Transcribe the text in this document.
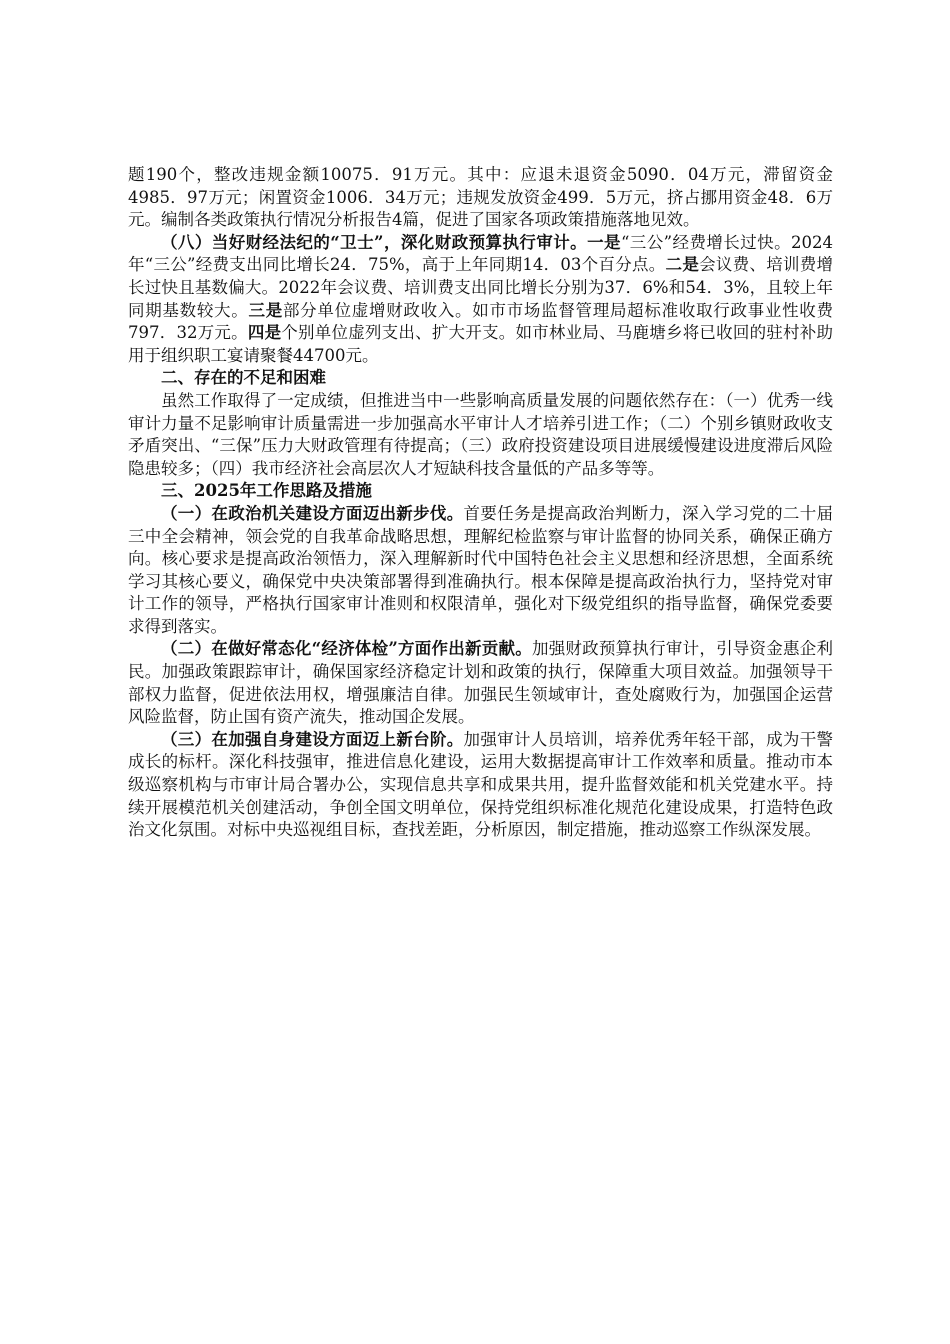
题190个，整改违规金额10075．91万元。其中：应退未退资金5090．04万元，滞留资金4985．97万元；闲置资金1006．34万元；违规发放资金499．5万元，挤占挪用资金48．6万元。编制各类政策执行情况分析报告4篇，促进了国家各项政策措施落地见效。

（八）当好财经法纪的“卫士”，深化财政预算执行审计。一是“三公”经费增长过快。2024年“三公”经费支出同比增长24．75%，高于上年同期14．03个百分点。二是会议费、培训费增长过快且基数偏大。2022年会议费、培训费支出同比增长分别为37．6%和54．3%，且较上年同期基数较大。三是部分单位虚增财政收入。如市市场监督管理局超标准收取行政事业性收费797．32万元。四是个别单位虚列支出、扩大开支。如市林业局、马鹿塘乡将已收回的驻村补助用于组织职工宴请聚餐44700元。

二、存在的不足和困难

虽然工作取得了一定成绩，但推进当中一些影响高质量发展的问题依然存在：（一）优秀一线审计力量不足影响审计质量需进一步加强高水平审计人才培养引进工作；（二）个别乡镇财政收支矛盾突出、“三保”压力大财政管理有待提高；（三）政府投资建设项目进展缓慢建设进度滞后风险隐患较多；（四）我市经济社会高层次人才短缺科技含量低的产品多等等。

三、2025年工作思路及措施

（一）在政治机关建设方面迈出新步伐。首要任务是提高政治判断力，深入学习党的二十届三中全会精神，领会党的自我革命战略思想，理解纪检监察与审计监督的协同关系，确保正确方向。核心要求是提高政治领悟力，深入理解新时代中国特色社会主义思想和经济思想，全面系统学习其核心要义，确保党中央决策部署得到准确执行。根本保障是提高政治执行力，坚持党对审计工作的领导，严格执行国家审计准则和权限清单，强化对下级党组织的指导监督，确保党委要求得到落实。

（二）在做好常态化“经济体检”方面作出新贡献。加强财政预算执行审计，引导资金惠企利民。加强政策跟踪审计，确保国家经济稳定计划和政策的执行，保障重大项目效益。加强领导干部权力监督，促进依法用权，增强廉洁自律。加强民生领域审计，查处腐败行为，加强国企运营风险监督，防止国有资产流失，推动国企发展。

（三）在加强自身建设方面迈上新台阶。加强审计人员培训，培养优秀年轻干部，成为干警成长的标杆。深化科技强审，推进信息化建设，运用大数据提高审计工作效率和质量。推动市本级巡察机构与市审计局合署办公，实现信息共享和成果共用，提升监督效能和机关党建水平。持续开展模范机关创建活动，争创全国文明单位，保持党组织标准化规范化建设成果，打造特色政治文化氛围。对标中央巡视组目标，查找差距，分析原因，制定措施，推动巡察工作纵深发展。
